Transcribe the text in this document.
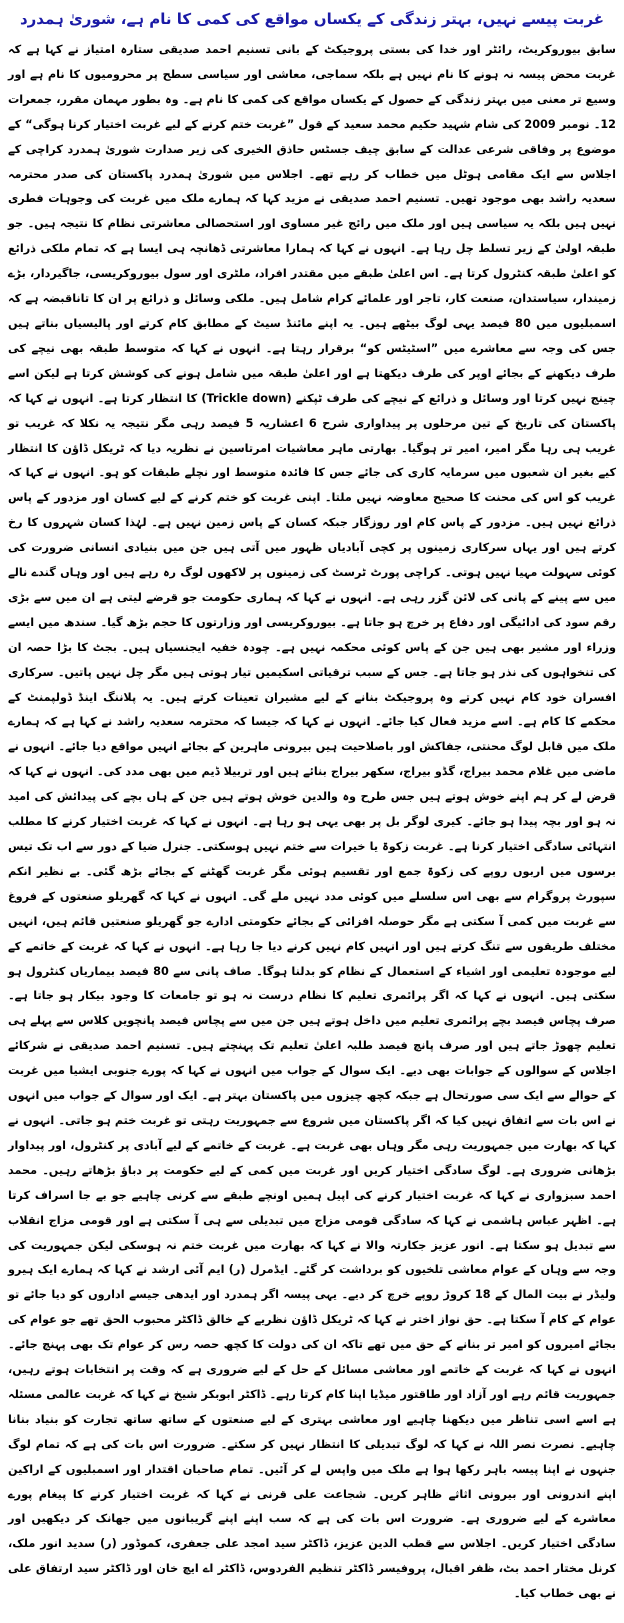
غربت پیسے نہیں، بہتر زندگی کے یکساں مواقع کی کمی کا نام ہے، شوریٰ ہمدرد

سابق بیوروکریٹ، رائٹر اور خدا کی بستی پروجیکٹ کے بانی تسنیم احمد صدیقی ستارہ امتیاز نے کہا ہے کہ غربت محض پیسہ نہ ہونے کا نام نہیں ہے بلکہ سماجی، معاشی اور سیاسی سطح پر محرومیوں کا نام ہے اور وسیع تر معنی میں بہتر زندگی کے حصول کے یکساں مواقع کی کمی کا نام ہے۔ وہ بطور مہمان مقرر، جمعرات 12۔ نومبر 2009 کی شام شہید حکیم محمد سعید کے قول ”غربت ختم کرنے کے لیے غربت اختیار کرنا ہوگی“ کے موضوع پر وفاقی شرعی عدالت کے سابق چیف جسٹس حاذق الخیری کی زیر صدارت شوریٰ ہمدرد کراچی کے اجلاس سے ایک مقامی ہوٹل میں خطاب کر رہے تھے۔ اجلاس میں شوریٰ ہمدرد پاکستان کی صدر محترمہ سعدیہ راشد بھی موجود تھیں۔ تسنیم احمد صدیقی نے مزید کہا کہ ہمارے ملک میں غربت کی وجوہات فطری نہیں ہیں بلکہ یہ سیاسی ہیں اور ملک میں رائج غیر مساوی اور استحصالی معاشرتی نظام کا نتیجہ ہیں۔ جو طبقہ اولیٰ کے زیر تسلط چل رہا ہے۔ انہوں نے کہا کہ ہمارا معاشرتی ڈھانچہ ہی ایسا ہے کہ تمام ملکی ذرائع کو اعلیٰ طبقہ کنٹرول کرتا ہے۔ اس اعلیٰ طبقے میں مقتدر افراد، ملٹری اور سول بیوروکریسی، جاگیردار، بڑے زمیندار، سیاستدان، صنعت کار، تاجر اور علمائے کرام شامل ہیں۔ ملکی وسائل و ذرائع پر ان کا تاناقبضہ ہے کہ اسمبلیوں میں 80 فیصد یہی لوگ بیٹھے ہیں۔ یہ اپنے مائنڈ سیٹ کے مطابق کام کرتے اور پالیسیاں بناتے ہیں جس کی وجہ سے معاشرے میں ”اسٹیٹس کو“ برقرار رہتا ہے۔ انہوں نے کہا کہ متوسط طبقہ بھی نیچے کی طرف دیکھنے کے بجائے اوپر کی طرف دیکھتا ہے اور اعلیٰ طبقہ میں شامل ہونے کی کوشش کرتا ہے لیکن اسے چینج نہیں کرتا اور وسائل و ذرائع کے نیچے کی طرف ٹپکنے (Trickle down) کا انتظار کرتا ہے۔ انہوں نے کہا کہ پاکستان کی تاریخ کے تین مرحلوں پر پیداواری شرح 6 اعشاریہ 5 فیصد رہی مگر نتیجہ یہ نکلا کہ غریب تو غریب ہی رہا مگر امیر، امیر تر ہوگیا۔ بھارتی ماہر معاشیات امرتاسین نے نظریہ دیا کہ ٹریکل ڈاؤن کا انتظار کیے بغیر ان شعبوں میں سرمایہ کاری کی جائے جس کا فائدہ متوسط اور نچلے طبقات کو ہو۔ انہوں نے کہا کہ غریب کو اس کی محنت کا صحیح معاوضہ نہیں ملتا۔ اپنی غربت کو ختم کرنے کے لیے کسان اور مزدور کے پاس ذرائع نہیں ہیں۔ مزدور کے پاس کام اور روزگار جبکہ کسان کے پاس زمین نہیں ہے۔ لہٰذا کسان شہروں کا رخ کرتے ہیں اور یہاں سرکاری زمینوں پر کچی آبادیاں ظہور میں آتی ہیں جن میں بنیادی انسانی ضرورت کی کوئی سہولت مہیا نہیں ہوتی۔ کراچی پورٹ ٹرسٹ کی زمینوں پر لاکھوں لوگ رہ رہے ہیں اور وہاں گندے نالے میں سے پینے کے پانی کی لائن گزر رہی ہے۔ انہوں نے کہا کہ ہماری حکومت جو قرضے لیتی ہے ان میں سے بڑی رقم سود کی ادائیگی اور دفاع پر خرچ ہو جاتا ہے۔ بیوروکریسی اور وزارتوں کا حجم بڑھ گیا۔ سندھ میں ایسے وزراء اور مشیر بھی ہیں جن کے پاس کوئی محکمہ نہیں ہے۔ چودہ خفیہ ایجنسیاں ہیں۔ بجٹ کا بڑا حصہ ان کی تنخواہوں کی نذر ہو جاتا ہے۔ جس کے سبب ترقیاتی اسکیمیں تیار ہوتی ہیں مگر چل نہیں پاتیں۔ سرکاری افسران خود کام نہیں کرتے وہ پروجیکٹ بنانے کے لیے مشیران تعینات کرتے ہیں۔ یہ پلاننگ اینڈ ڈولپمنٹ کے محکمے کا کام ہے۔ اسے مزید فعال کیا جائے۔ انہوں نے کہا کہ جیسا کہ محترمہ سعدیہ راشد نے کہا ہے کہ ہمارے ملک میں قابل لوگ محنتی، جفاکش اور باصلاحیت ہیں بیرونی ماہرین کے بجائے انہیں مواقع دیا جائے۔ انہوں نے ماضی میں غلام محمد بیراج، گڈو بیراج، سکھر بیراج بنائے ہیں اور تربیلا ڈیم میں بھی مدد کی۔ انہوں نے کہا کہ قرض لے کر ہم اپنے خوش ہوتے ہیں جس طرح وہ والدین خوش ہوتے ہیں جن کے ہاں بچے کی پیدائش کی امید نہ ہو اور بچہ پیدا ہو جائے۔ کیری لوگر بل پر بھی یہی ہو رہا ہے۔ انہوں نے کہا کہ غربت اختیار کرنے کا مطلب انتہائی سادگی اختیار کرنا ہے۔ غربت زکوۃ یا خیرات سے ختم نہیں ہوسکتی۔ جنرل ضیا کے دور سے اب تک تیس برسوں میں اربوں روپے کی زکوۃ جمع اور تقسیم ہوئی مگر غربت گھٹنے کے بجائے بڑھ گئی۔ بے نظیر انکم سپورٹ پروگرام سے بھی اس سلسلے میں کوئی مدد نہیں ملے گی۔ انہوں نے کہا کہ گھریلو صنعتوں کے فروغ سے غربت میں کمی آ سکتی ہے مگر حوصلہ افزائی کے بجائے حکومتی ادارے جو گھریلو صنعتیں قائم ہیں، انہیں مختلف طریقوں سے تنگ کرتے ہیں اور انہیں کام نہیں کرنے دیا جا رہا ہے۔ انہوں نے کہا کہ غربت کے خاتمے کے لیے موجودہ تعلیمی اور اشیاء کے استعمال کے نظام کو بدلنا ہوگا۔ صاف پانی سے 80 فیصد بیماریاں کنٹرول ہو سکتی ہیں۔ انہوں نے کہا کہ اگر پرائمری تعلیم کا نظام درست نہ ہو تو جامعات کا وجود بیکار ہو جاتا ہے۔ صرف پچاس فیصد بچے پرائمری تعلیم میں داخل ہوتے ہیں جن میں سے پچاس فیصد پانچویں کلاس سے پہلے ہی تعلیم چھوڑ جاتے ہیں اور صرف پانچ فیصد طلبہ اعلیٰ تعلیم تک پہنچتے ہیں۔ تسنیم احمد صدیقی نے شرکائے اجلاس کے سوالوں کے جوابات بھی دیے۔ ایک سوال کے جواب میں انہوں نے کہا کہ پورے جنوبی ایشیا میں غربت کے حوالے سے ایک سی صورتحال ہے جبکہ کچھ چیزوں میں پاکستان بہتر ہے۔ ایک اور سوال کے جواب میں انہوں نے اس بات سے اتفاق نہیں کیا کہ اگر پاکستان میں شروع سے جمہوریت رہتی تو غربت ختم ہو جاتی۔ انہوں نے کہا کہ بھارت میں جمہوریت رہی مگر وہاں بھی غربت ہے۔ غربت کے خاتمے کے لیے آبادی پر کنٹرول، اور پیداوار بڑھانی ضروری ہے۔ لوگ سادگی اختیار کریں اور غربت میں کمی کے لیے حکومت پر دباؤ بڑھاتے رہیں۔ محمد احمد سبزواری نے کہا کہ غربت اختیار کرنے کی اپیل ہمیں اونچے طبقے سے کرنی چاہیے جو بے جا اسراف کرتا ہے۔ اظہر عباس ہاشمی نے کہا کہ سادگی قومی مزاج میں تبدیلی سے ہی آ سکتی ہے اور قومی مزاج انقلاب سے تبدیل ہو سکتا ہے۔ انور عزیز جکارتہ والا نے کہا کہ بھارت میں غربت ختم نہ ہوسکی لیکن جمہوریت کی وجہ سے وہاں کے عوام معاشی تلخیوں کو برداشت کر گئے۔ ایڈمرل (ر) ایم آئی ارشد نے کہا کہ ہمارے ایک ہیرو ولیڈر نے بیت المال کے 18 کروڑ روپے خرچ کر دیے۔ یہی پیسہ اگر ہمدرد اور ایدھی جیسے اداروں کو دیا جائے تو عوام کے کام آ سکتا ہے۔ حق نواز اختر نے کہا کہ ٹریکل ڈاؤن نظریے کے خالق ڈاکٹر محبوب الحق تھے جو عوام کی بجائے امیروں کو امیر تر بنانے کے حق میں تھے تاکہ ان کی دولت کا کچھ حصہ رس کر عوام تک بھی پہنچ جائے۔ انہوں نے کہا کہ غربت کے خاتمے اور معاشی مسائل کے حل کے لیے ضروری ہے کہ وقت پر انتخابات ہوتے رہیں، جمہوریت قائم رہے اور آزاد اور طاقتور میڈیا اپنا کام کرتا رہے۔ ڈاکٹر ابوبکر شیخ نے کہا کہ غربت عالمی مسئلہ ہے اسے اسی تناظر میں دیکھنا چاہیے اور معاشی بہتری کے لیے صنعتوں کے ساتھ ساتھ تجارت کو بنیاد بنانا چاہیے۔ نصرت نصر اللہ نے کہا کہ لوگ تبدیلی کا انتظار نہیں کر سکتے۔ ضرورت اس بات کی ہے کہ تمام لوگ جنہوں نے اپنا پیسہ باہر رکھا ہوا ہے ملک میں واپس لے کر آئیں۔ تمام صاحبان اقتدار اور اسمبلیوں کے اراکین اپنے اندرونی اور بیرونی اثاثے ظاہر کریں۔ شجاعت علی قرنی نے کہا کہ غربت اختیار کرنے کا پیغام پورے معاشرے کے لیے ضروری ہے۔ ضرورت اس بات کی ہے کہ سب اپنے اپنے گریبانوں میں جھانک کر دیکھیں اور سادگی اختیار کریں۔ اجلاس سے قطب الدین عزیز، ڈاکٹر سید امجد علی جعفری، کموڈور (ر) سدید انور ملک، کرنل مختار احمد بٹ، ظفر اقبال، پروفیسر ڈاکٹر تنظیم الفردوس، ڈاکٹر اے ایچ خان اور ڈاکٹر سید ارتفاق علی نے بھی خطاب کیا۔
